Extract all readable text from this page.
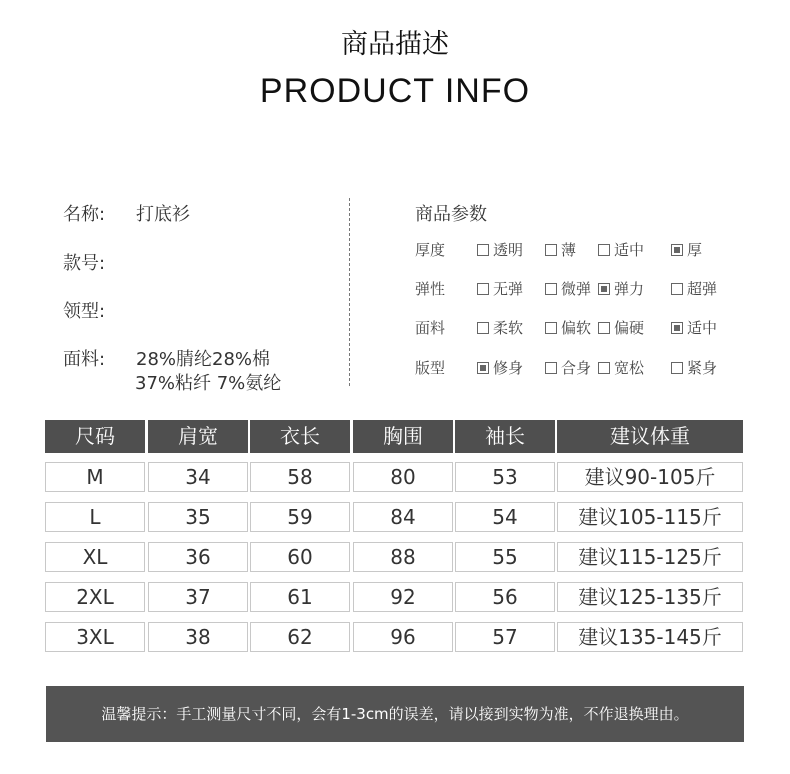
商品描述
PRODUCT INFO
名称: 打底衫
款号:
领型:
面料: 28%腈纶28%棉
37%粘纤 7%氨纶
商品参数
厚度	透明	薄	适中	厚
弹性	无弹	微弹	弹力	超弹
面料	柔软	偏软	偏硬	适中
版型	修身	合身	宽松	紧身
尺码	肩宽	衣长	胸围	袖长	建议体重
M	34	58	80	53	建议90-105斤
L	35	59	84	54	建议105-115斤
XL	36	60	88	55	建议115-125斤
2XL	37	61	92	56	建议125-135斤
3XL	38	62	96	57	建议135-145斤
温馨提示：手工测量尺寸不同，会有1-3cm的误差，请以接到实物为准，不作退换理由。
